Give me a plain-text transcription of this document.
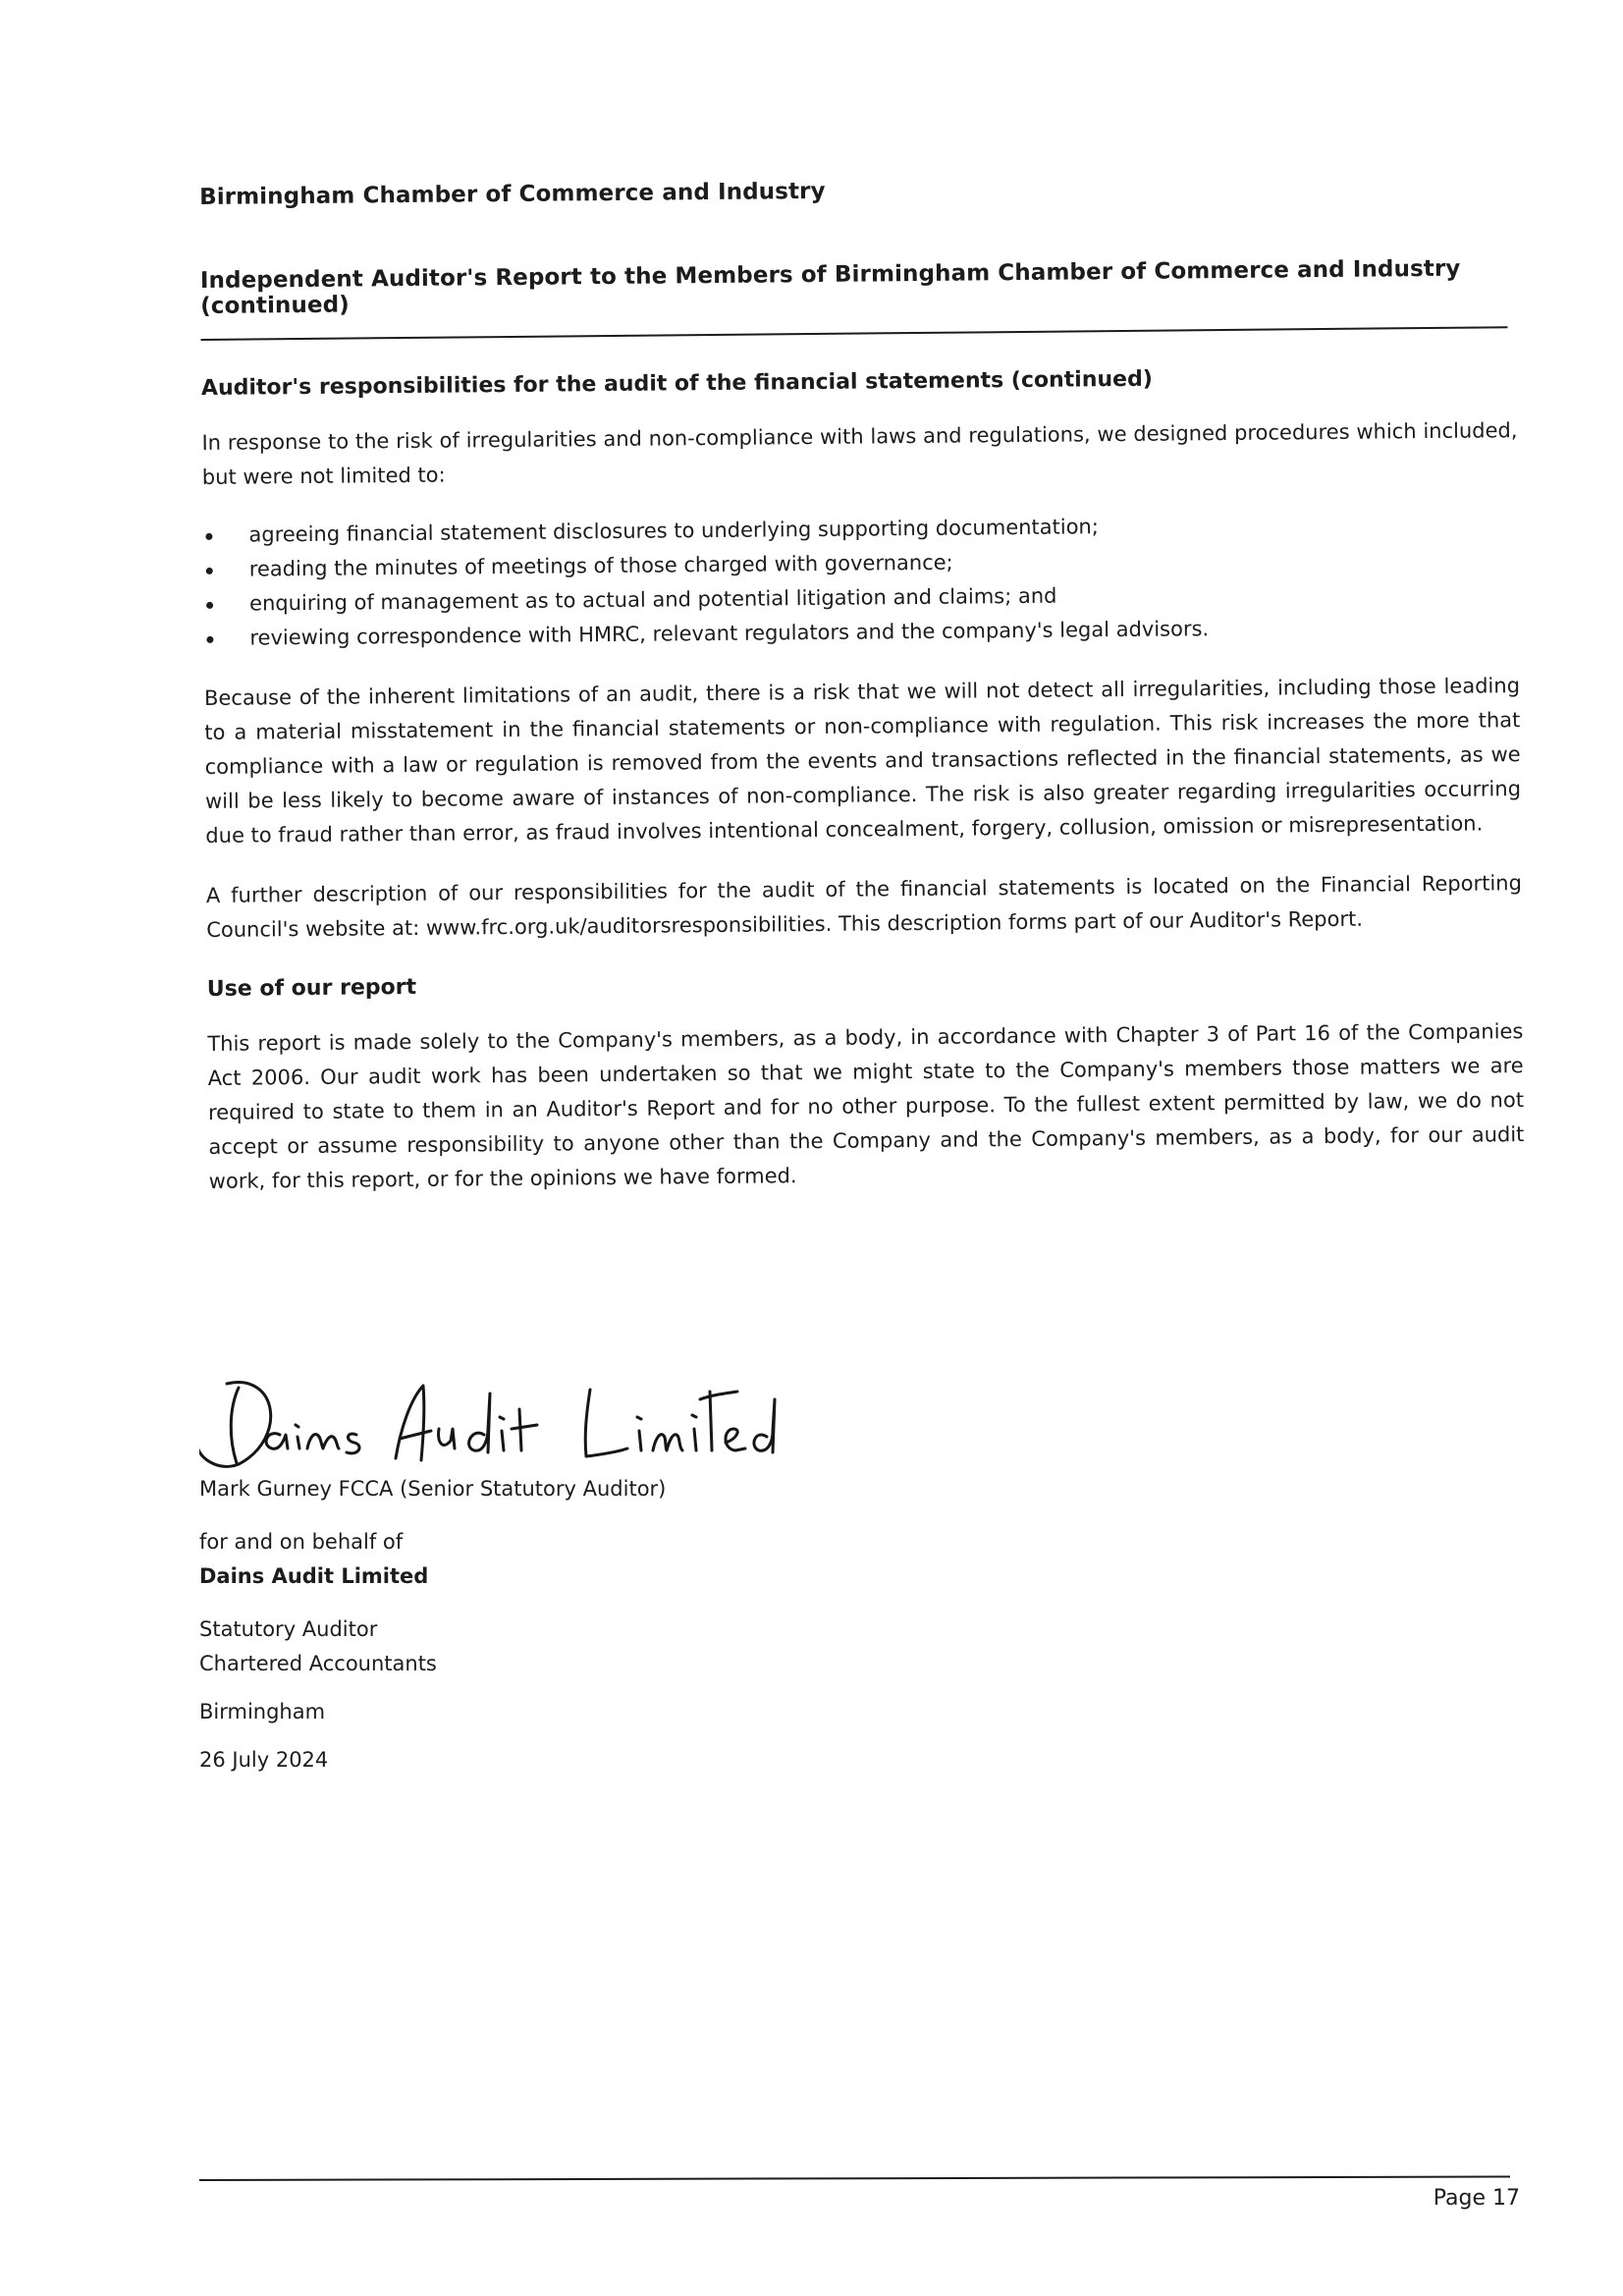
Birmingham Chamber of Commerce and Industry
Independent Auditor's Report to the Members of Birmingham Chamber of Commerce and Industry (continued)
Auditor's responsibilities for the audit of the financial statements (continued)

In response to the risk of irregularities and non-compliance with laws and regulations, we designed procedures which included, but were not limited to:

agreeing financial statement disclosures to underlying supporting documentation;
reading the minutes of meetings of those charged with governance;
enquiring of management as to actual and potential litigation and claims; and
reviewing correspondence with HMRC, relevant regulators and the company's legal advisors.

Because of the inherent limitations of an audit, there is a risk that we will not detect all irregularities, including those leading to a material misstatement in the financial statements or non-compliance with regulation. This risk increases the more that compliance with a law or regulation is removed from the events and transactions reflected in the financial statements, as we will be less likely to become aware of instances of non-compliance. The risk is also greater regarding irregularities occurring due to fraud rather than error, as fraud involves intentional concealment, forgery, collusion, omission or misrepresentation.

A further description of our responsibilities for the audit of the financial statements is located on the Financial Reporting Council's website at: www.frc.org.uk/auditorsresponsibilities. This description forms part of our Auditor's Report.

Use of our report

This report is made solely to the Company's members, as a body, in accordance with Chapter 3 of Part 16 of the Companies Act 2006. Our audit work has been undertaken so that we might state to the Company's members those matters we are required to state to them in an Auditor's Report and for no other purpose. To the fullest extent permitted by law, we do not accept or assume responsibility to anyone other than the Company and the Company's members, as a body, for our audit work, for this report, or for the opinions we have formed.

Mark Gurney FCCA (Senior Statutory Auditor)

for and on behalf of

Dains Audit Limited

Statutory Auditor

Chartered Accountants

Birmingham

26 July 2024

Page 17
